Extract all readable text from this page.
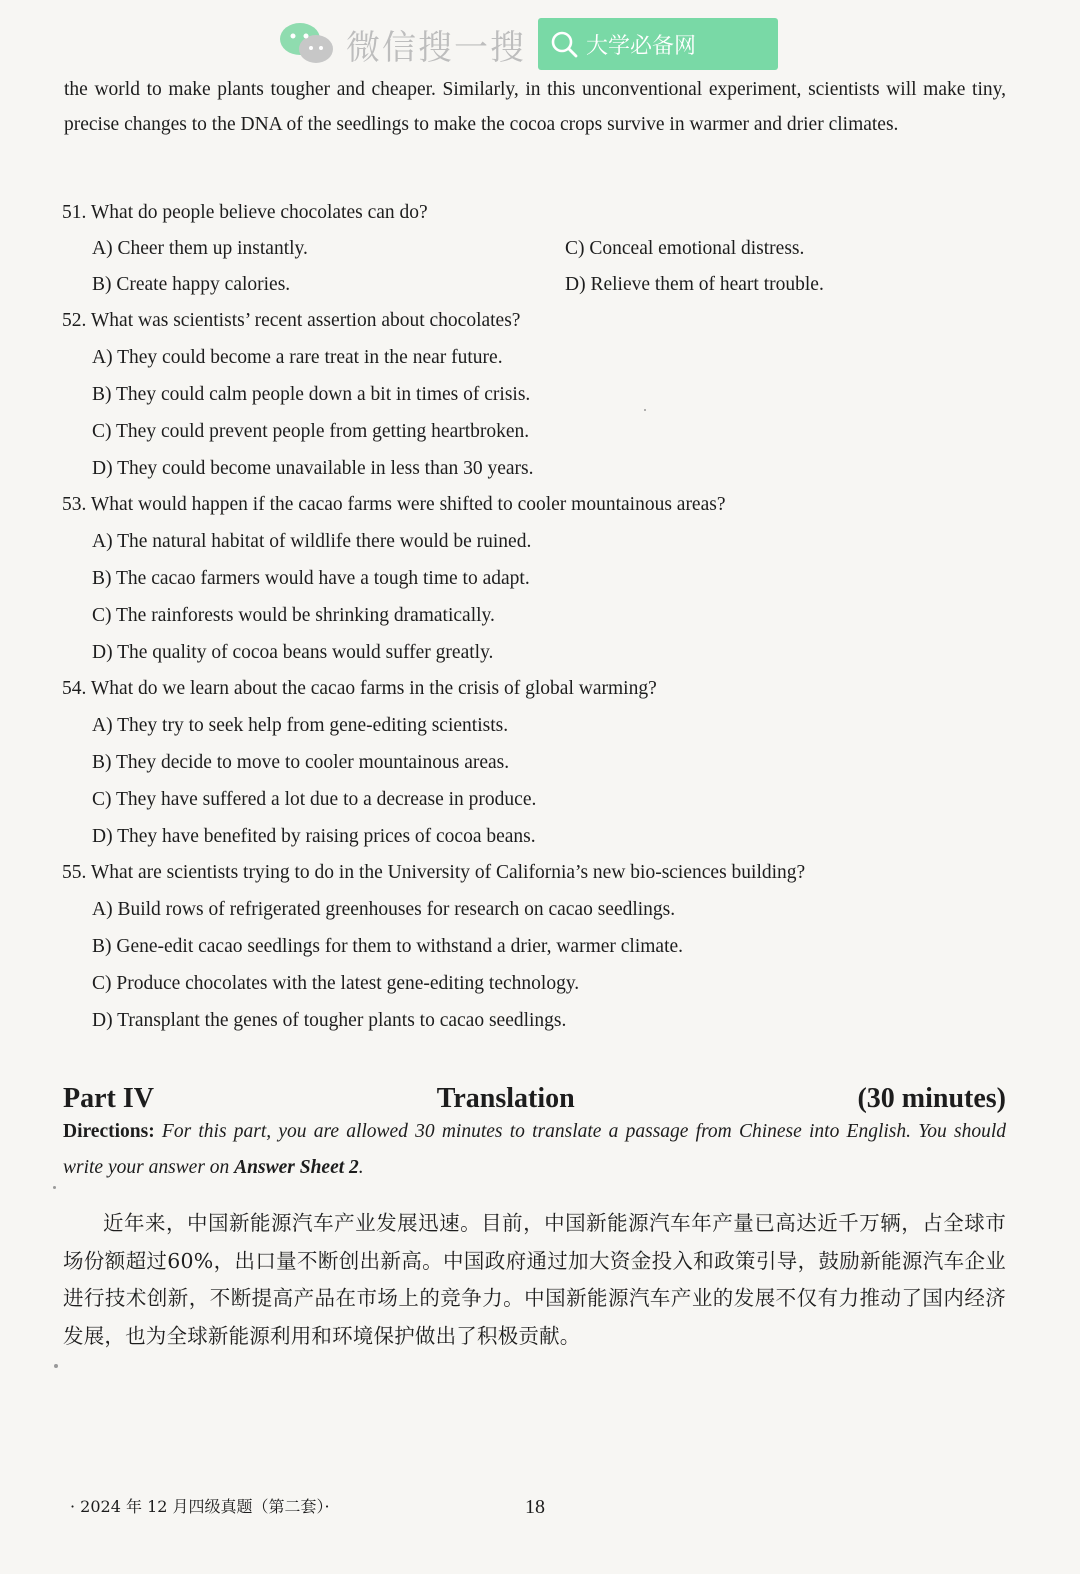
微信搜一搜	大学必备网

the world to make plants tougher and cheaper. Similarly, in this unconventional experiment, scientists will make tiny, precise changes to the DNA of the seedlings to make the cocoa crops survive in warmer and drier climates.

51. What do people believe chocolates can do?
A) Cheer them up instantly.	C) Conceal emotional distress.
B) Create happy calories.	D) Relieve them of heart trouble.
52. What was scientists’ recent assertion about chocolates?
A) They could become a rare treat in the near future.
B) They could calm people down a bit in times of crisis.
C) They could prevent people from getting heartbroken.
D) They could become unavailable in less than 30 years.
53. What would happen if the cacao farms were shifted to cooler mountainous areas?
A) The natural habitat of wildlife there would be ruined.
B) The cacao farmers would have a tough time to adapt.
C) The rainforests would be shrinking dramatically.
D) The quality of cocoa beans would suffer greatly.
54. What do we learn about the cacao farms in the crisis of global warming?
A) They try to seek help from gene-editing scientists.
B) They decide to move to cooler mountainous areas.
C) They have suffered a lot due to a decrease in produce.
D) They have benefited by raising prices of cocoa beans.
55. What are scientists trying to do in the University of California’s new bio-sciences building?
A) Build rows of refrigerated greenhouses for research on cacao seedlings.
B) Gene-edit cacao seedlings for them to withstand a drier, warmer climate.
C) Produce chocolates with the latest gene-editing technology.
D) Transplant the genes of tougher plants to cacao seedlings.
Part IV	Translation	(30 minutes)
Directions: For this part, you are allowed 30 minutes to translate a passage from Chinese into English. You should write your answer on Answer Sheet 2.
近年来，中国新能源汽车产业发展迅速。目前，中国新能源汽车年产量已高达近千万辆，占全球市场份额超过60%，出口量不断创出新高。中国政府通过加大资金投入和政策引导，鼓励新能源汽车企业进行技术创新，不断提高产品在市场上的竞争力。中国新能源汽车产业的发展不仅有力推动了国内经济发展，也为全球新能源利用和环境保护做出了积极贡献。
· 2024 年 12 月四级真题（第二套）·	18
